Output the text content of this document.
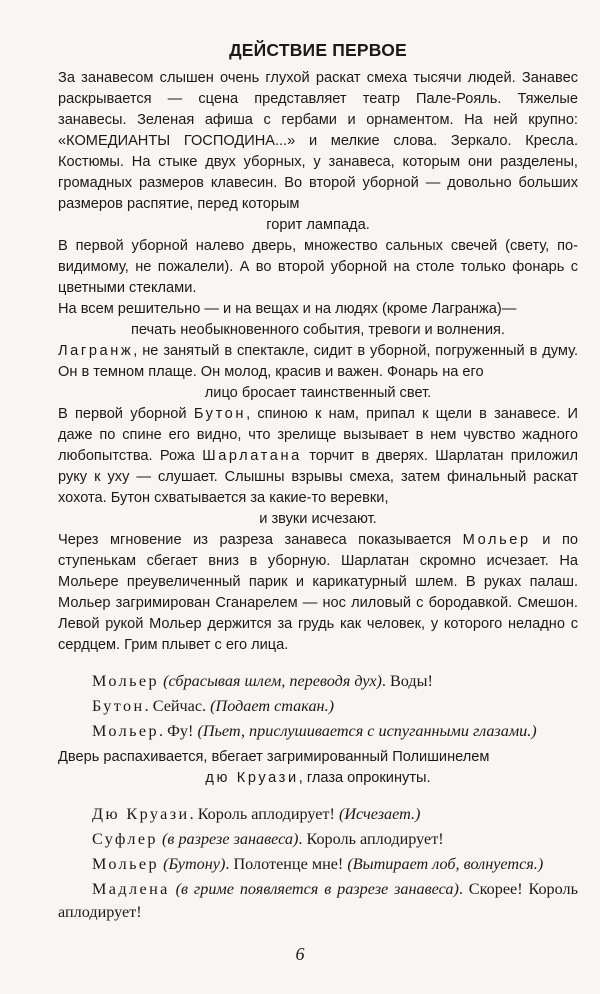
ДЕЙСТВИЕ ПЕРВОЕ

За занавесом слышен очень глухой раскат смеха тысячи людей. Занавес раскрывается — сцена представляет театр Пале-Рояль. Тяжелые занавесы. Зеленая афиша с гербами и орнаментом. На ней крупно: «КОМЕДИАНТЫ ГОСПОДИНА...» и мелкие слова. Зеркало. Кресла. Костюмы. На стыке двух уборных, у занавеса, которым они разделены, громадных размеров клавесин. Во второй уборной — довольно больших размеров распятие, перед которым
горит лампада.

В первой уборной налево дверь, множество сальных свечей (свету, по-видимому, не пожалели). А во второй уборной на столе только фонарь с цветными стеклами.

На всем решительно — и на вещах и на людях (кроме Лагранжа)—
печать необыкновенного события, тревоги и волнения.

Лагранж, не занятый в спектакле, сидит в уборной, погруженный в думу. Он в темном плаще. Он молод, красив и важен. Фонарь на его
лицо бросает таинственный свет.

В первой уборной Бутон, спиною к нам, припал к щели в занавесе. И даже по спине его видно, что зрелище вызывает в нем чувство жадного любопытства. Рожа Шарлатана торчит в дверях. Шарлатан приложил руку к уху — слушает. Слышны взрывы смеха, затем финальный раскат хохота. Бутон схватывается за какие-то веревки,
и звуки исчезают.

Через мгновение из разреза занавеса показывается Мольер и по ступенькам сбегает вниз в уборную. Шарлатан скромно исчезает. На Мольере преувеличенный парик и карикатурный шлем. В руках палаш. Мольер загримирован Сганарелем — нос лиловый с бородавкой. Смешон. Левой рукой Мольер держится за грудь как человек, у которого неладно с сердцем. Грим плывет с его лица.

Мольер (сбрасывая шлем, переводя дух). Воды!

Бутон. Сейчас. (Подает стакан.)

Мольер. Фу! (Пьет, прислушивается с испуганными глазами.)

Дверь распахивается, вбегает загримированный Полишинелем
дю Круази, глаза опрокинуты.

Дю Круази. Король аплодирует! (Исчезает.)

Суфлер (в разрезе занавеса). Король аплодирует!

Мольер (Бутону). Полотенце мне! (Вытирает лоб, волнуется.)

Мадлена (в гриме появляется в разрезе занавеса). Скорее! Король аплодирует!

6
